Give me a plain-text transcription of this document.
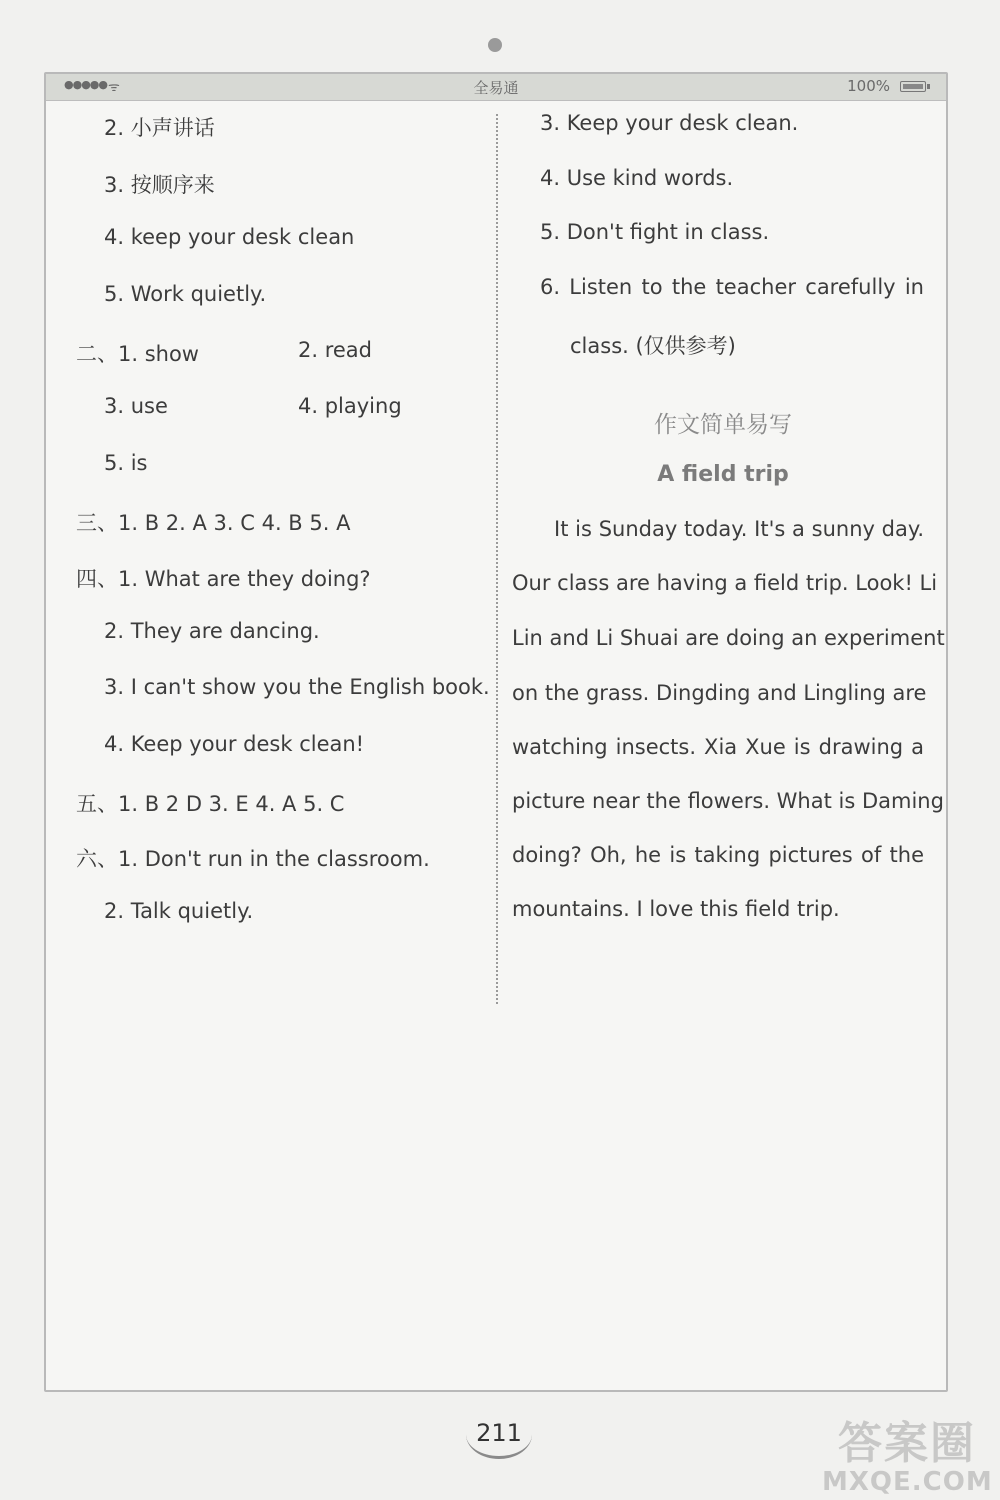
●●●●● ᯤ	全易通	100%
2. 小声讲话
3. 按顺序来
4. keep your desk clean
5. Work quietly.
二、1. show	2. read
3. use	4. playing
5. is
三、1. B 2. A 3. C 4. B 5. A
四、1. What are they doing?
2. They are dancing.
3. I can't show you the English book.
4. Keep your desk clean!
五、1. B 2 D 3. E 4. A 5. C
六、1. Don't run in the classroom.
2. Talk quietly.
3. Keep your desk clean.
4. Use kind words.
5. Don't fight in class.
6. Listen to the teacher carefully in
class. (仅供参考)
作文简单易写
A field trip
It is Sunday today. It's a sunny day.
Our class are having a field trip. Look! Li
Lin and Li Shuai are doing an experiment
on the grass. Dingding and Lingling are
watching insects. Xia Xue is drawing a
picture near the flowers. What is Daming
doing? Oh, he is taking pictures of the
mountains. I love this field trip.
211	答案圈
MXQE.COM
